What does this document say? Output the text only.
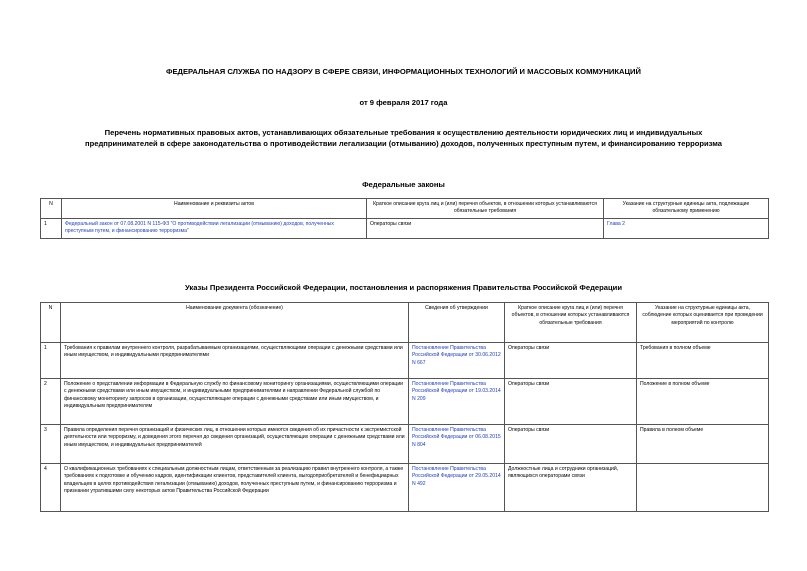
ФЕДЕРАЛЬНАЯ СЛУЖБА ПО НАДЗОРУ В СФЕРЕ СВЯЗИ, ИНФОРМАЦИОННЫХ ТЕХНОЛОГИЙ И МАССОВЫХ КОММУНИКАЦИЙ
от 9 февраля 2017 года
Перечень нормативных правовых актов, устанавливающих обязательные требования к осуществлению деятельности юридических лиц и индивидуальных предпринимателей в сфере законодательства о противодействии легализации (отмыванию) доходов, полученных преступным путем, и финансированию терроризма
Федеральные законы
N	Наименование и реквизиты актов	Краткое описание круга лиц и (или) перечня объектов, в отношении которых устанавливаются обязательные требования	Указание на структурные единицы акта, подлежащие обязательному применению
1	Федеральный закон от 07.08.2001 N 115-ФЗ "О противодействии легализации (отмыванию) доходов, полученных преступным путем, и финансированию терроризма"	Операторы связи	Глава 2
Указы Президента Российской Федерации, постановления и распоряжения Правительства Российской Федерации
N	Наименование документа (обозначение)	Сведения об утверждении	Краткое описание круга лиц и (или) перечня объектов, в отношении которых устанавливаются обязательные требования	Указание на структурные единицы акта, соблюдение которых оценивается при проведении мероприятий по контролю
1	Требования к правилам внутреннего контроля, разрабатываемым организациями, осуществляющими операции с денежными средствами или иным имуществом, и индивидуальными предпринимателями	Постановление Правительства Российской Федерации от 30.06.2012 N 667	Операторы связи	Требования в полном объеме
2	Положение о представлении информации в Федеральную службу по финансовому мониторингу организациями, осуществляющими операции с денежными средствами или иным имуществом, и индивидуальными предпринимателями и направлении Федеральной службой по финансовому мониторингу запросов в организации, осуществляющие операции с денежными средствами или иным имуществом, и индивидуальным предпринимателям	Постановление Правительства Российской Федерации от 19.03.2014 N 209	Операторы связи	Положение в полном объеме
3	Правила определения перечня организаций и физических лиц, в отношении которых имеются сведения об их причастности к экстремистской деятельности или терроризму, и доведения этого перечня до сведения организаций, осуществляющих операции с денежными средствами или иным имуществом, и индивидуальных предпринимателей	Постановление Правительства Российской Федерации от 06.08.2015 N 804	Операторы связи	Правила в полном объеме
4	О квалификационных требованиях к специальным должностным лицам, ответственным за реализацию правил внутреннего контроля, а также требованиях к подготовке и обучению кадров, идентификации клиентов, представителей клиента, выгодоприобретателей и бенефициарных владельцев в целях противодействия легализации (отмыванию) доходов, полученных преступным путем, и финансированию терроризма и признании утратившими силу некоторых актов Правительства Российской Федерации	Постановление Правительства Российской Федерации от 29.05.2014 N 492	Должностные лица и сотрудники организаций, являющихся операторами связи	
